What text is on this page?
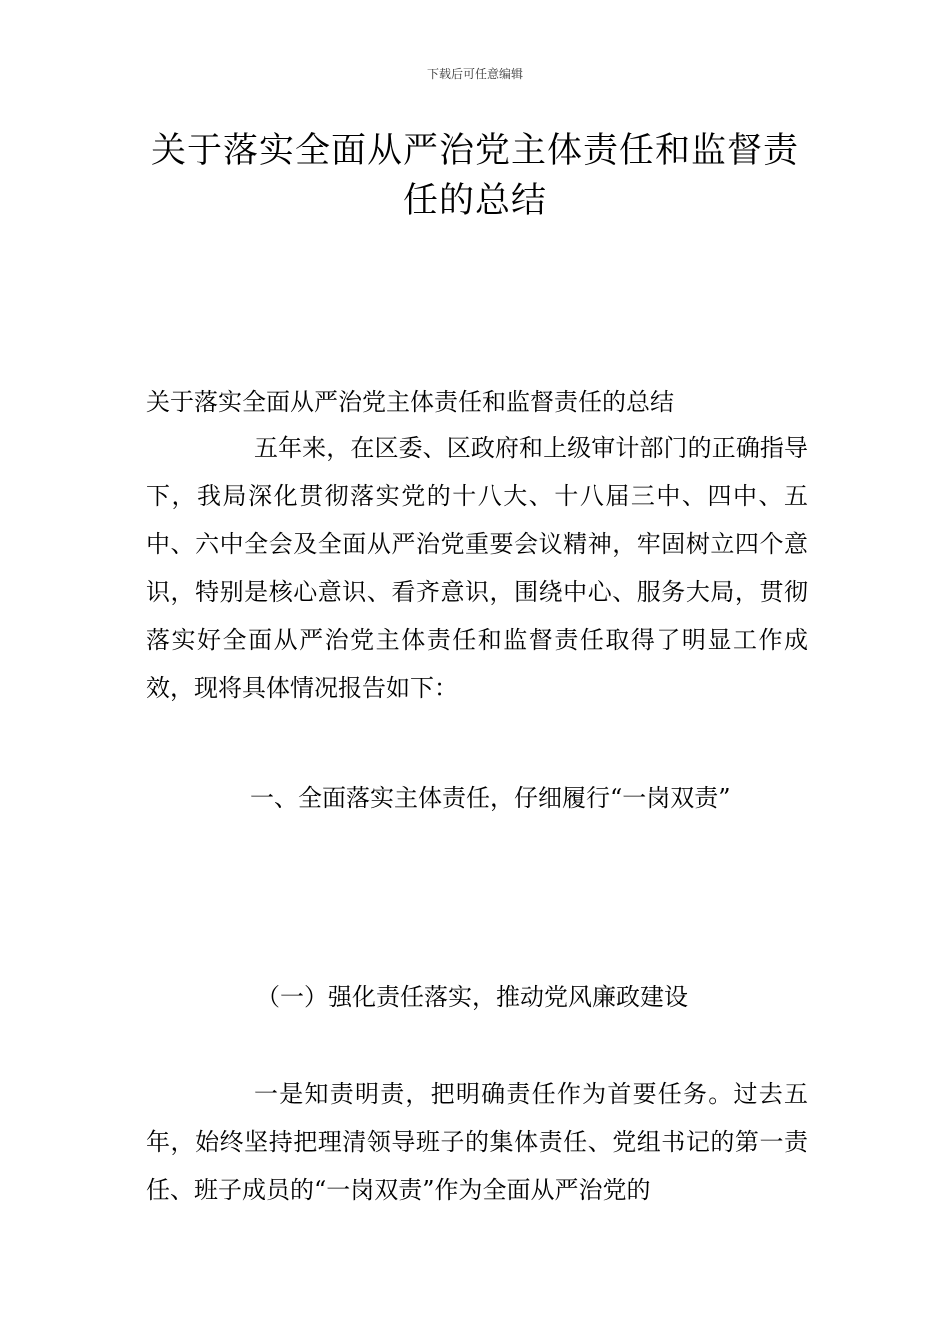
下载后可任意编辑
关于落实全面从严治党主体责任和监督责任的总结

关于落实全面从严治党主体责任和监督责任的总结

五年来，在区委、区政府和上级审计部门的正确指导下，我局深化贯彻落实党的十八大、十八届三中、四中、五中、六中全会及全面从严治党重要会议精神，牢固树立四个意识，特别是核心意识、看齐意识，围绕中心、服务大局，贯彻落实好全面从严治党主体责任和监督责任取得了明显工作成效，现将具体情况报告如下：

一、全面落实主体责任，仔细履行“一岗双责”

（一）强化责任落实，推动党风廉政建设

一是知责明责，把明确责任作为首要任务。过去五年，始终坚持把理清领导班子的集体责任、党组书记的第一责任、班子成员的“一岗双责”作为全面从严治党的
